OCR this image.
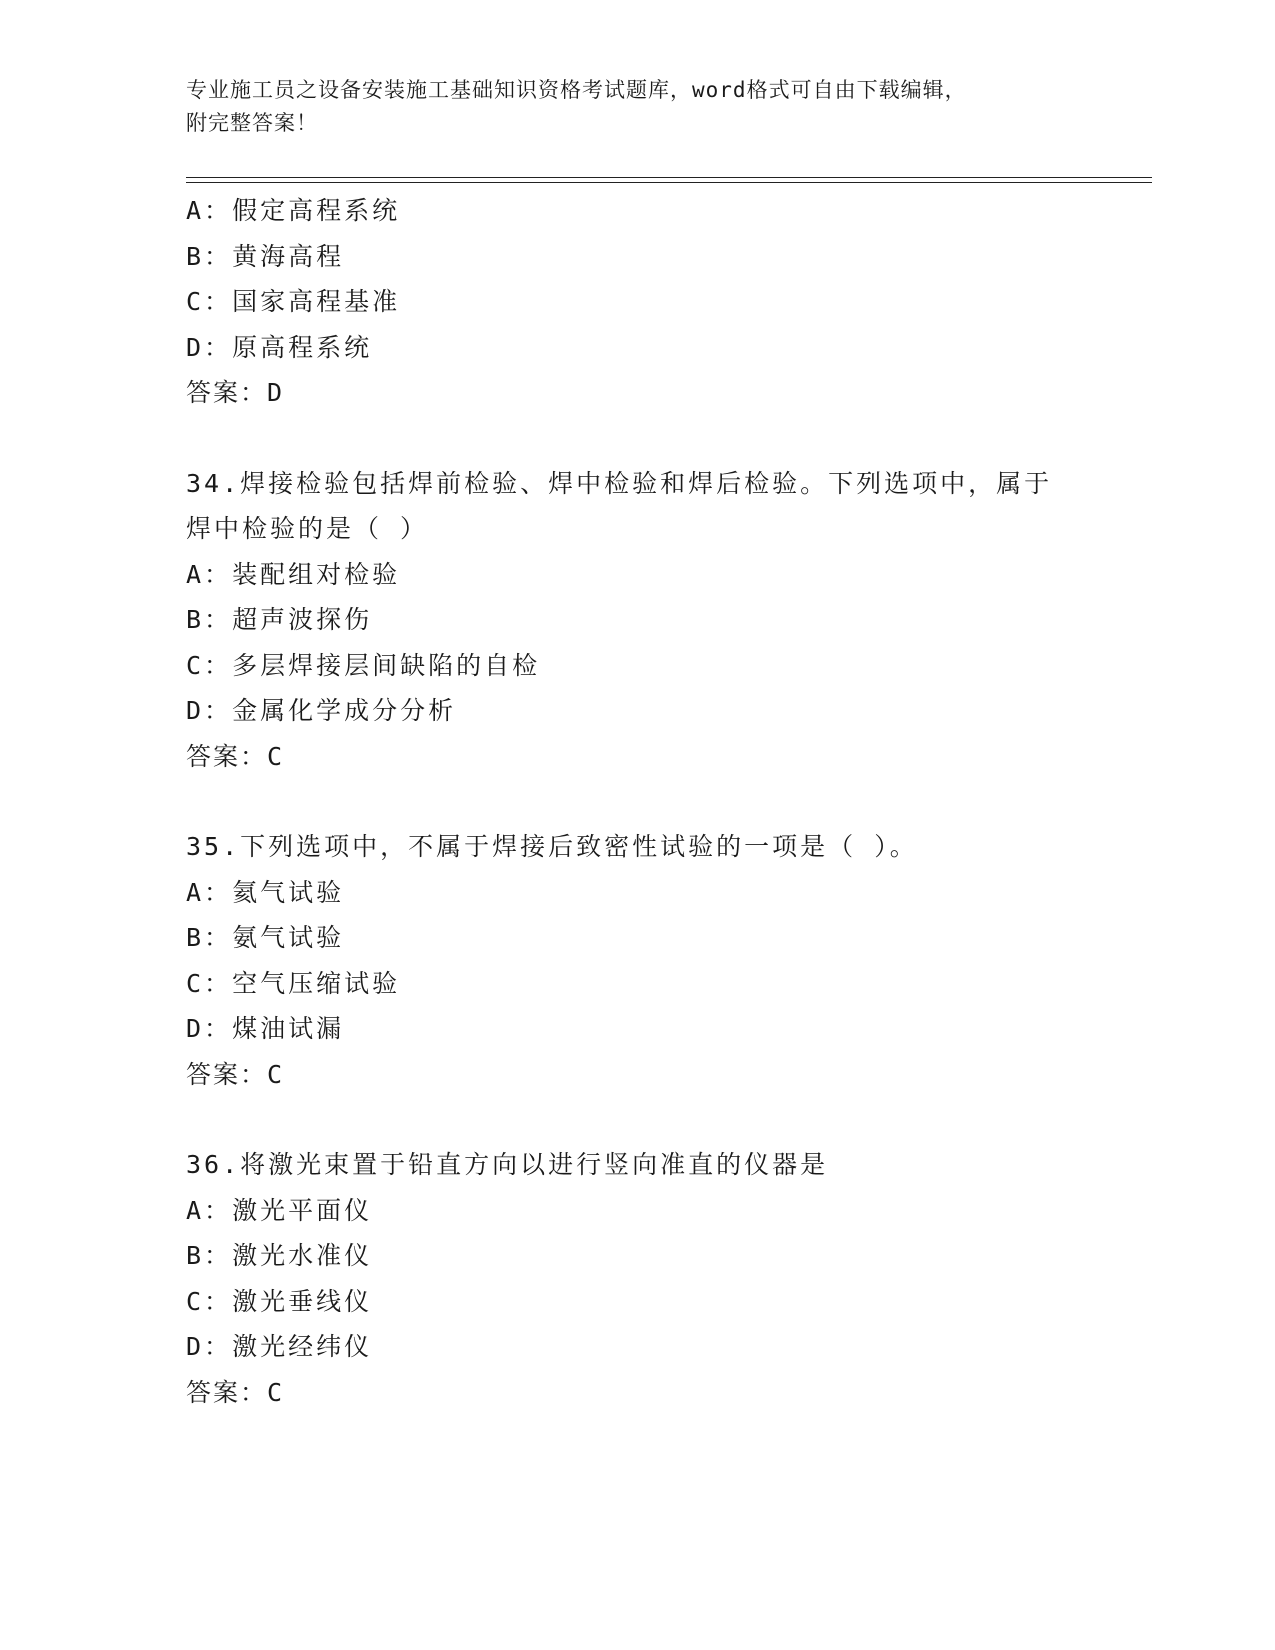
专业施工员之设备安装施工基础知识资格考试题库，word格式可自由下载编辑，
附完整答案！
A：假定高程系统
B：黄海高程
C：国家高程基准
D：原高程系统
答案：D
34.焊接检验包括焊前检验、焊中检验和焊后检验。下列选项中，属于
焊中检验的是（ ）
A：装配组对检验
B：超声波探伤
C：多层焊接层间缺陷的自检
D：金属化学成分分析
答案：C
35.下列选项中，不属于焊接后致密性试验的一项是（ ）。
A：氦气试验
B：氨气试验
C：空气压缩试验
D：煤油试漏
答案：C
36.将激光束置于铅直方向以进行竖向准直的仪器是
A：激光平面仪
B：激光水准仪
C：激光垂线仪
D：激光经纬仪
答案：C
